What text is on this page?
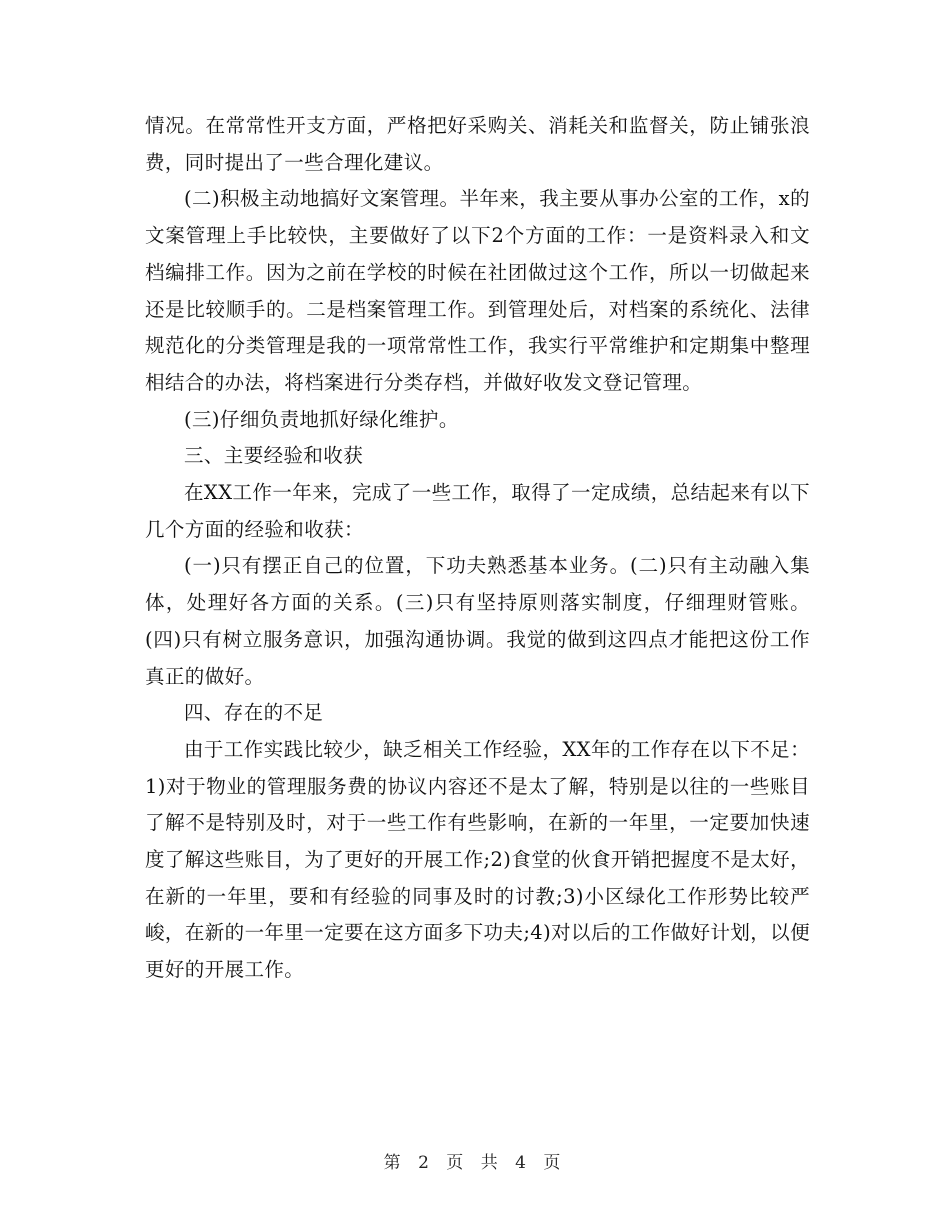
情况。在常常性开支方面，严格把好采购关、消耗关和监督关，防止铺张浪费，同时提出了一些合理化建议。

(二)积极主动地搞好文案管理。半年来，我主要从事办公室的工作，x的文案管理上手比较快，主要做好了以下2个方面的工作：一是资料录入和文档编排工作。因为之前在学校的时候在社团做过这个工作，所以一切做起来还是比较顺手的。二是档案管理工作。到管理处后，对档案的系统化、法律规范化的分类管理是我的一项常常性工作，我实行平常维护和定期集中整理相结合的办法，将档案进行分类存档，并做好收发文登记管理。

(三)仔细负责地抓好绿化维护。

三、主要经验和收获

在XX工作一年来，完成了一些工作，取得了一定成绩，总结起来有以下几个方面的经验和收获：

(一)只有摆正自己的位置，下功夫熟悉基本业务。(二)只有主动融入集体，处理好各方面的关系。(三)只有坚持原则落实制度，仔细理财管账。(四)只有树立服务意识，加强沟通协调。我觉的做到这四点才能把这份工作真正的做好。

四、存在的不足

由于工作实践比较少，缺乏相关工作经验，XX年的工作存在以下不足：1)对于物业的管理服务费的协议内容还不是太了解，特别是以往的一些账目了解不是特别及时，对于一些工作有些影响，在新的一年里，一定要加快速度了解这些账目，为了更好的开展工作;2)食堂的伙食开销把握度不是太好，在新的一年里，要和有经验的同事及时的讨教;3)小区绿化工作形势比较严峻，在新的一年里一定要在这方面多下功夫;4)对以后的工作做好计划，以便更好的开展工作。

第 2 页 共 4 页
